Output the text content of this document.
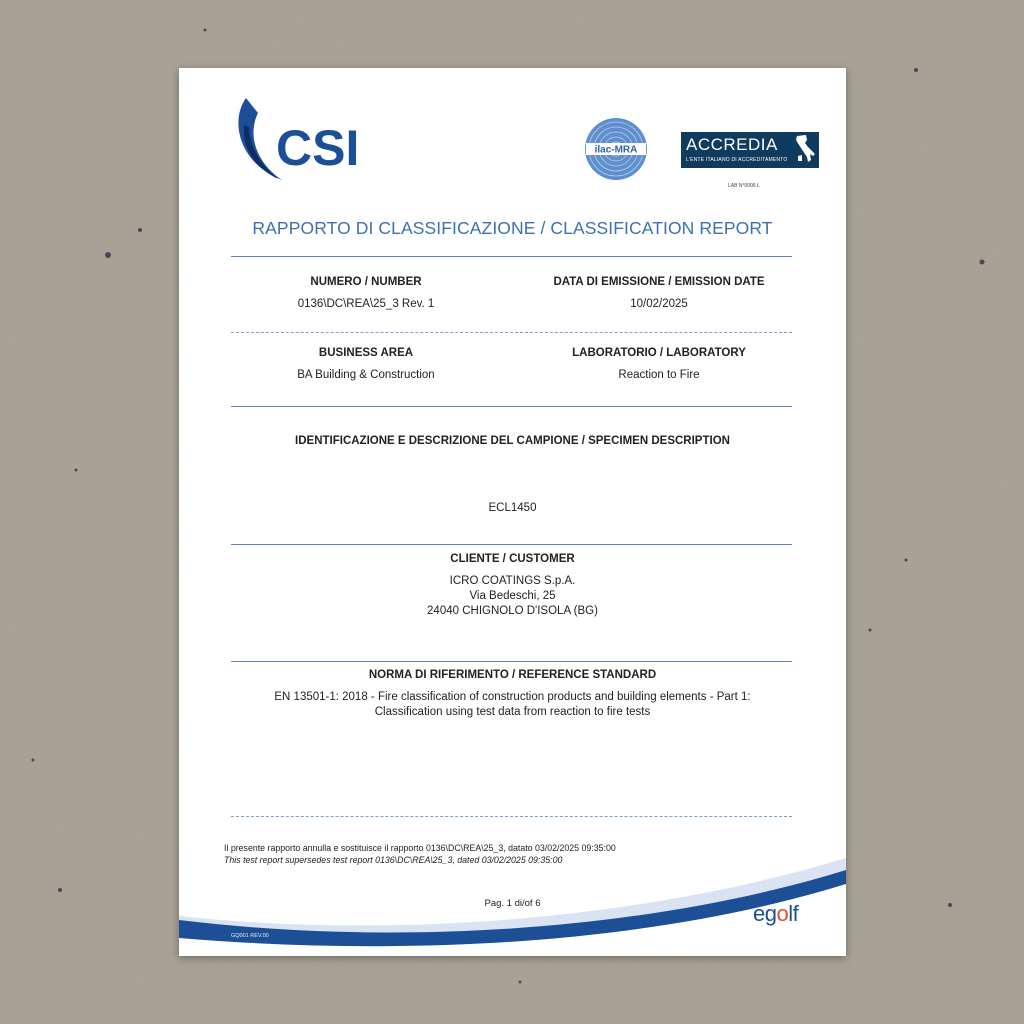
CSI	ilac-MRA	ACCREDIA
L'ENTE ITALIANO DI ACCREDITAMENTO
LAB N°0006 L
RAPPORTO DI CLASSIFICAZIONE / CLASSIFICATION REPORT
NUMERO / NUMBER
0136\DC\REA\25_3 Rev. 1
DATA DI EMISSIONE / EMISSION DATE
10/02/2025
BUSINESS AREA
BA Building & Construction
LABORATORIO / LABORATORY
Reaction to Fire
IDENTIFICAZIONE E DESCRIZIONE DEL CAMPIONE / SPECIMEN DESCRIPTION
ECL1450
CLIENTE / CUSTOMER
ICRO COATINGS S.p.A.
Via Bedeschi, 25
24040 CHIGNOLO D'ISOLA (BG)
NORMA DI RIFERIMENTO / REFERENCE STANDARD
EN 13501-1: 2018 - Fire classification of construction products and building elements - Part 1:
Classification using test data from reaction to fire tests
Il presente rapporto annulla e sostituisce il rapporto 0136\DC\REA\25_3, datato 03/02/2025 09:35:00
This test report supersedes test report 0136\DC\REA\25_3, dated 03/02/2025 09:35:00
Pag. 1 di/of 6
GQ001 REV.00
egolf
